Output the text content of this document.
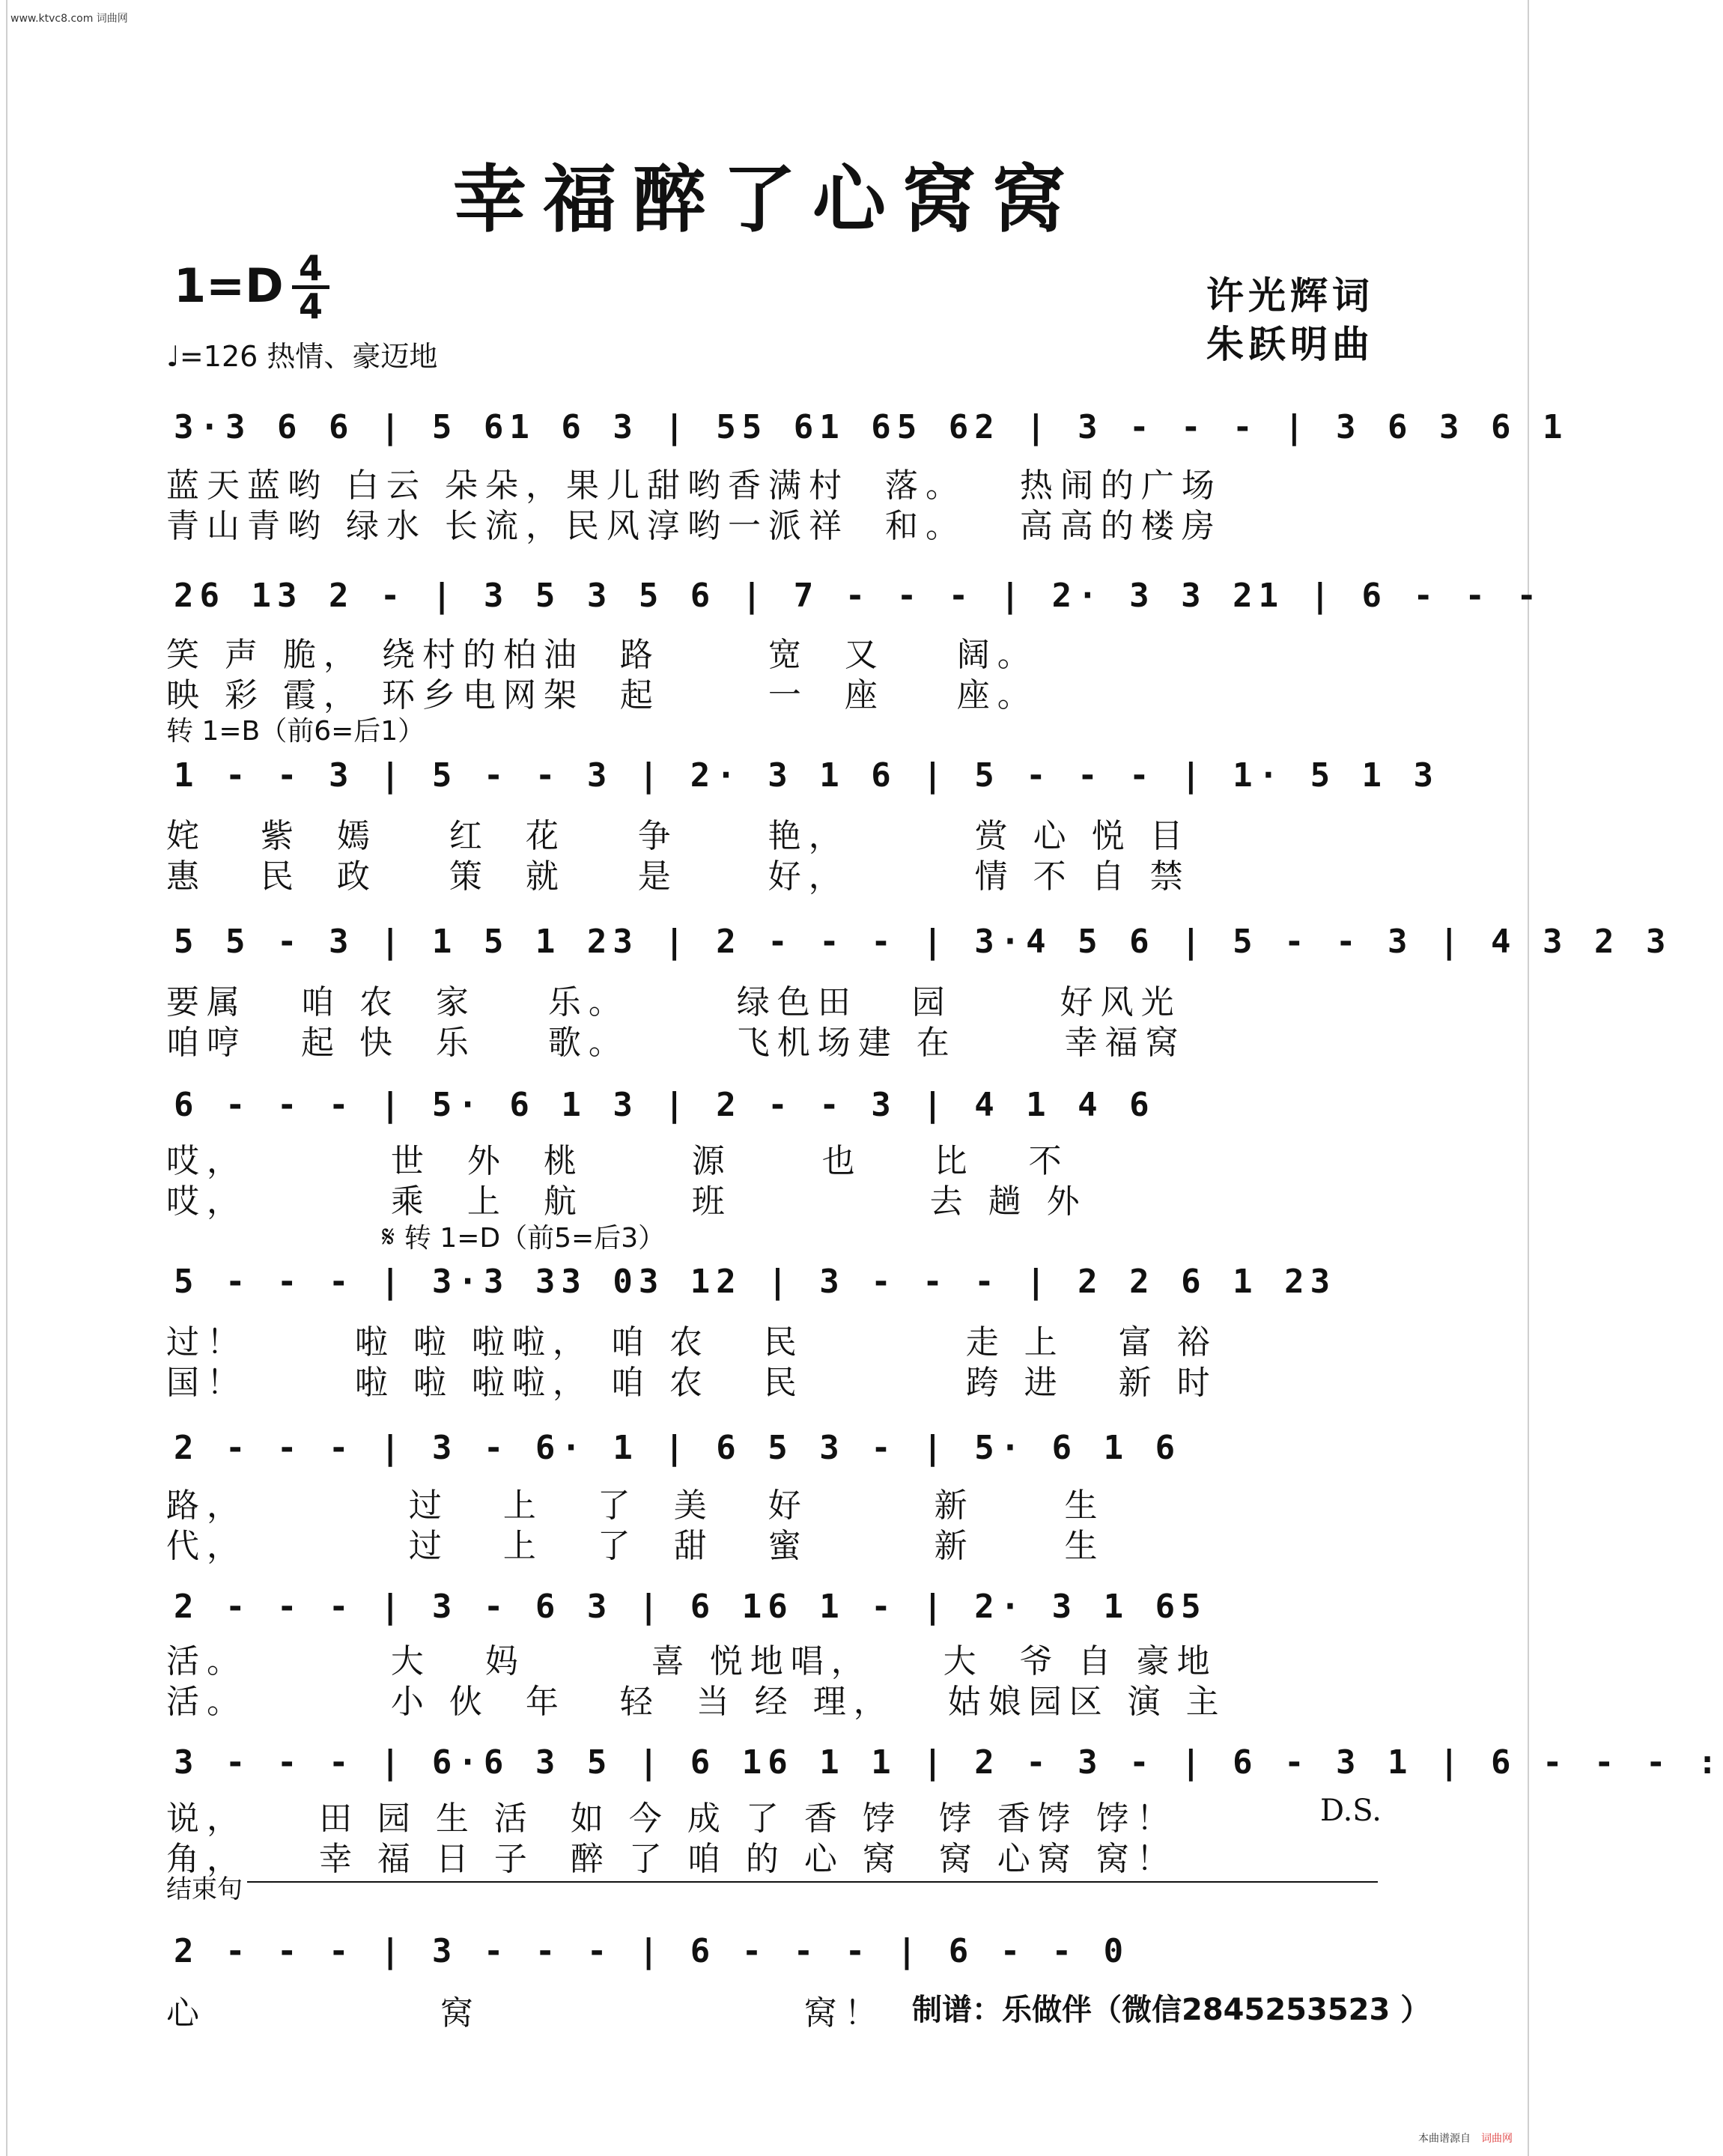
www.ktvc8.com 词曲网
本曲谱源自 词曲网
幸福醉了心窝窝
$1=D \frac{4}{4}$
♩=126 热情、豪迈地
许光辉词
朱跃明曲
3·3 6 6 | 5 61 6 3 | 55 61 65 62 | 3 - - - | 3 6 3 6 1
蓝天蓝哟 白云 朵朵，果儿甜哟香满村  落。   热闹的广场
青山青哟 绿水 长流，民风淳哟一派祥  和。   高高的楼房
26 13 2 - | 3 5 3 5 6 | 7 - - - | 2· 3 3 21 | 6 - - -
笑 声 脆， 绕村的柏油  路      宽  又    阔。
映 彩 霞， 环乡电网架  起      一  座    座。
转 1=B（前6=后1）
1 - - 3 | 5 - - 3 | 2· 3 1 6 | 5 - - - | 1· 5 1 3
姹   紫  嫣    红  花    争     艳，       赏 心 悦 目
惠   民  政    策  就    是     好，       情 不 自 禁
5 5 - 3 | 1 5 1 23 | 2 - - - | 3·4 5 6 | 5 - - 3 | 4 3 2 3
要属   咱 农  家    乐。      绿色田   园      好风光
咱哼   起 快  乐    歌。      飞机场建 在      幸福窝
6 - - - | 5· 6 1 3 | 2 - - 3 | 4 1 4 6
哎，        世  外  桃      源     也    比   不
哎，        乘  上  航      班           去 趟 外
𝄋 转 1=D（前5=后3）
5 - - - | 3·3 33 03 12 | 3 - - - | 2 2 6 1 23
过！      啦 啦 啦啦， 咱 农   民         走 上   富 裕
国！      啦 啦 啦啦， 咱 农   民         跨 进   新 时
2 - - - | 3 - 6· 1 | 6 5 3 - | 5· 6 1 6
路，         过   上   了  美   好       新     生
代，         过   上   了  甜   蜜       新     生
2 - - - | 3 - 6 3 | 6 16 1 - | 2· 3 1 65
活。        大   妈       喜 悦地唱，    大  爷 自 豪地
活。        小 伙  年   轻  当 经 理，   姑娘园区 演 主
3 - - - | 6·6 3 5 | 6 16 1 1 | 2 - 3 - | 6 - 3 1 | 6 - - - :
说，    田 园 生 活  如 今 成 了 香 饽  饽 香饽 饽！
角，    幸 福 日 子  醉 了 咱 的 心 窝  窝 心窝 窝！
D.S.
结束句
2 - - - | 3 - - - | 6 - - - | 6 - - 0
心             窝                  窝！ 制谱：乐做伴（微信2845253523 ）
